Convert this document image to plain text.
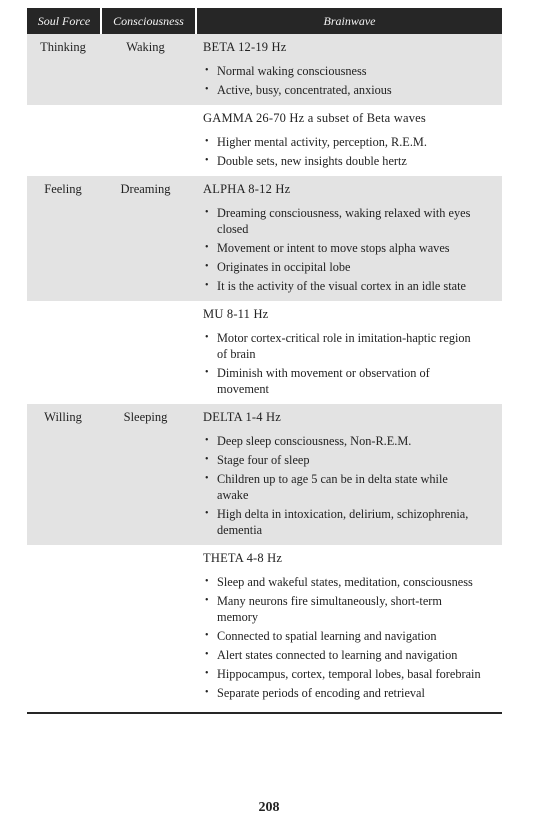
Soul Force	Consciousness	Brainwave
Thinking	Waking	BETA 12-19 Hz
• Normal waking consciousness
• Active, busy, concentrated, anxious
GAMMA 26-70 Hz a subset of Beta waves
• Higher mental activity, perception, R.E.M.
• Double sets, new insights double hertz
Feeling	Dreaming	ALPHA 8-12 Hz
• Dreaming consciousness, waking relaxed with eyes closed
• Movement or intent to move stops alpha waves
• Originates in occipital lobe
• It is the activity of the visual cortex in an idle state
MU 8-11 Hz
• Motor cortex-critical role in imitation-haptic region of brain
• Diminish with movement or observation of movement
Willing	Sleeping	DELTA 1-4 Hz
• Deep sleep consciousness, Non-R.E.M.
• Stage four of sleep
• Children up to age 5 can be in delta state while awake
• High delta in intoxication, delirium, schizophrenia, dementia
THETA 4-8 Hz
• Sleep and wakeful states, meditation, consciousness
• Many neurons fire simultaneously, short-term memory
• Connected to spatial learning and navigation
• Alert states connected to learning and navigation
• Hippocampus, cortex, temporal lobes, basal forebrain
• Separate periods of encoding and retrieval
208
